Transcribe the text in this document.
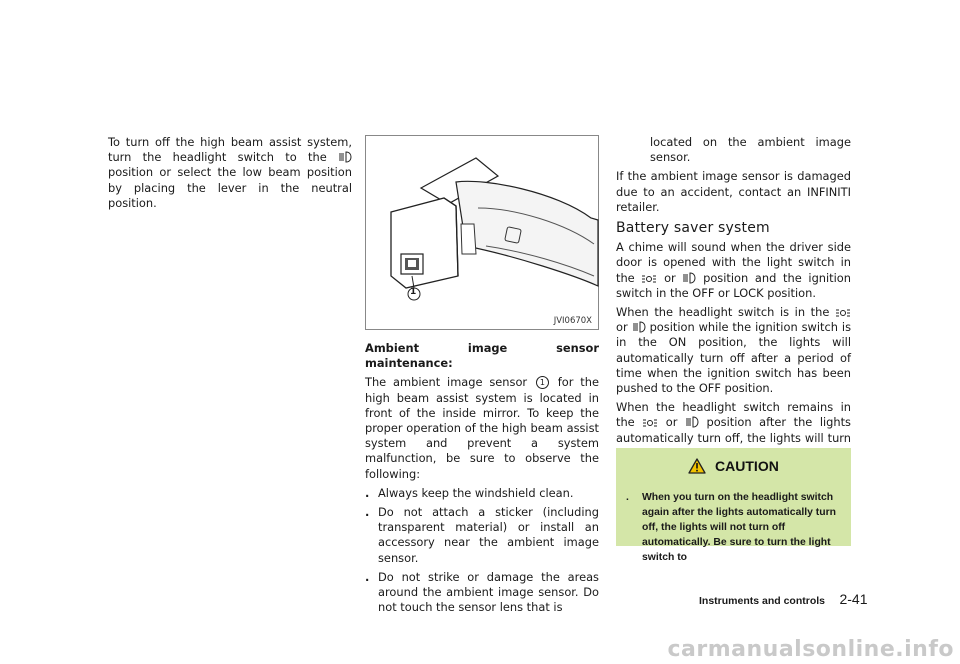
To turn off the high beam assist system, turn the headlight switch to the  position or select the low beam position by placing the lever in the neutral position.

1
JVI0670X

Ambient image sensor maintenance:

The ambient image sensor 1 for the high beam assist system is located in front of the inside mirror. To keep the proper operation of the high beam assist system and prevent a system malfunction, be sure to observe the following:

. Always keep the windshield clean.
. Do not attach a sticker (including transparent material) or install an accessory near the ambient image sensor.
. Do not strike or damage the areas around the ambient image sensor. Do not touch the sensor lens that is

located on the ambient image sensor.

If the ambient image sensor is damaged due to an accident, contact an INFINITI retailer.

Battery saver system

A chime will sound when the driver side door is opened with the light switch in the	or position and the ignition switch in the OFF or LOCK position.

When the headlight switch is in the  or position while the ignition switch is in the ON position, the lights will automatically turn off after a period of time when the ignition switch has been pushed to the OFF position.

When the headlight switch remains in the	or	position after the lights automatically turn off, the lights will turn

CAUTION
.	When you turn on the headlight switch again after the lights automatically turn off, the lights will not turn off automatically. Be sure to turn the light switch to
Instruments and controls 2-41
carmanualsonline.info
